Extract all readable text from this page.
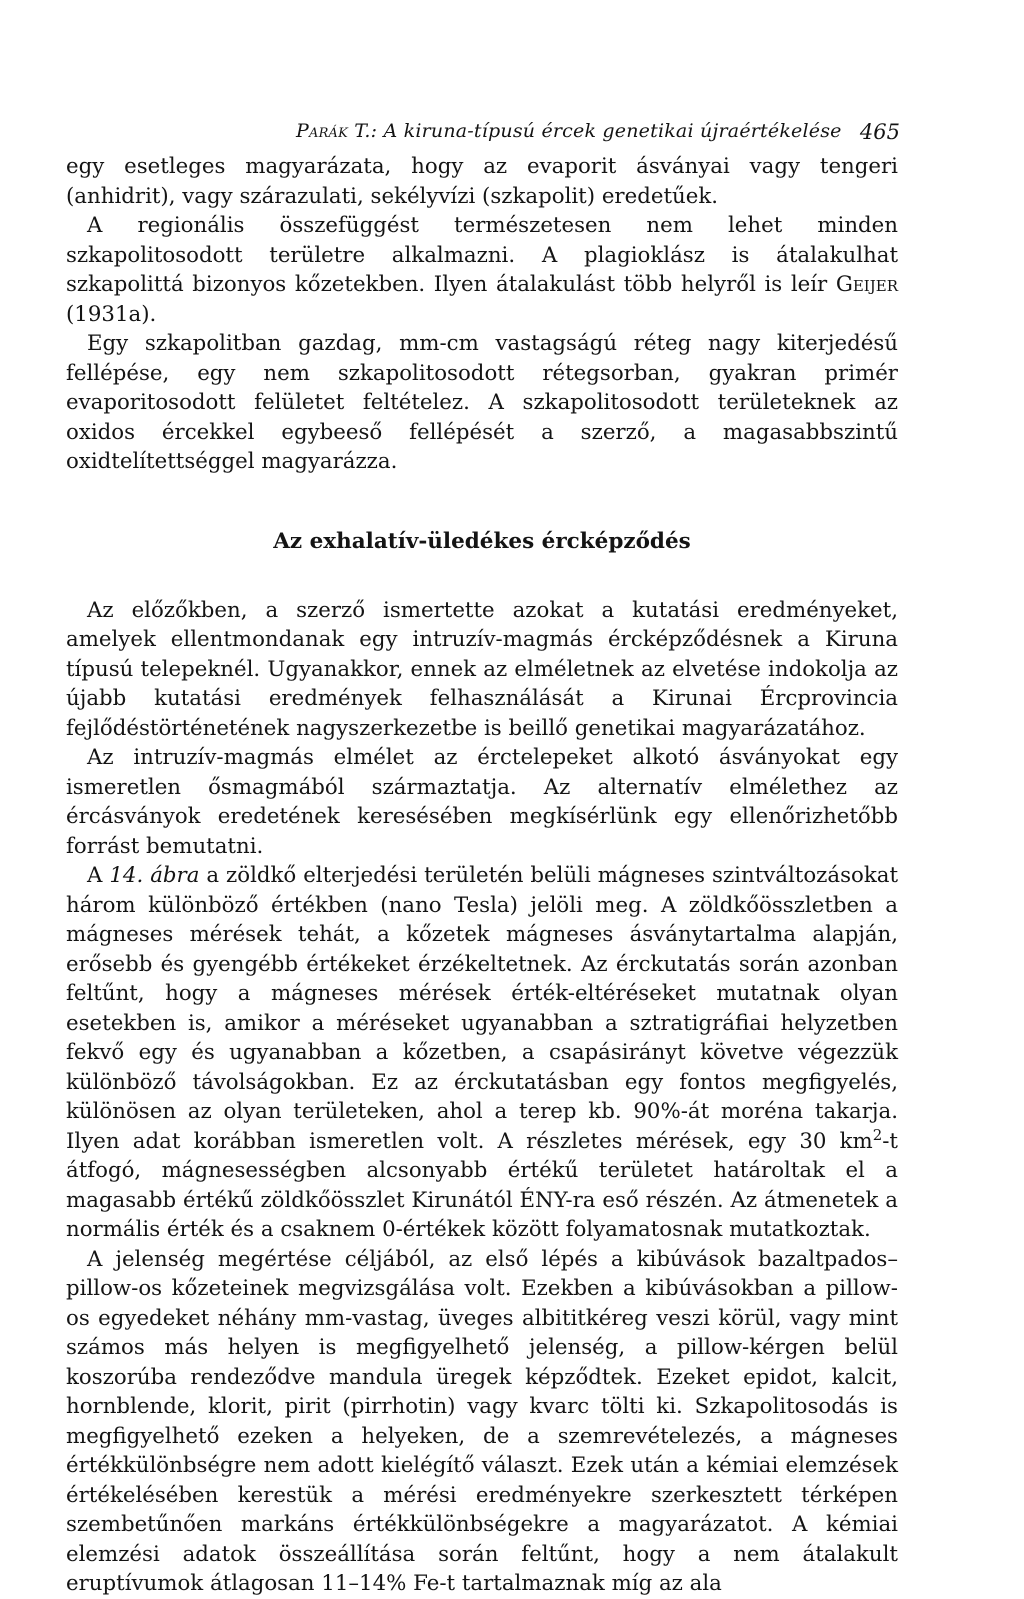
Parák T.: A kiruna-típusú ércek genetikai újraértékelése 465

egy esetleges magyarázata, hogy az evaporit ásványai vagy tengeri (anhidrit), vagy szárazulati, sekélyvízi (szkapolit) eredetűek.

A regionális összefüggést természetesen nem lehet minden szkapolitosodott területre alkalmazni. A plagioklász is átalakulhat szkapolittá bizonyos kőzetekben. Ilyen átalakulást több helyről is leír Geijer (1931a).

Egy szkapolitban gazdag, mm-cm vastagságú réteg nagy kiterjedésű fellépése, egy nem szkapolitosodott rétegsorban, gyakran primér evaporitosodott felületet feltételez. A szkapolitosodott területeknek az oxidos ércekkel egybeeső fellépését a szerző, a magasabbszintű oxidtelítettséggel magyarázza.

Az exhalatív-üledékes ércképződés

Az előzőkben, a szerző ismertette azokat a kutatási eredményeket, amelyek ellentmondanak egy intruzív-magmás ércképződésnek a Kiruna típusú telepeknél. Ugyanakkor, ennek az elméletnek az elvetése indokolja az újabb kutatási eredmények felhasználását a Kirunai Ércprovincia fejlődéstörténetének nagyszerkezetbe is beillő genetikai magyarázatához.

Az intruzív-magmás elmélet az érctelepeket alkotó ásványokat egy ismeretlen ősmagmából származtatja. Az alternatív elmélethez az ércásványok eredetének keresésében megkísérlünk egy ellenőrizhetőbb forrást bemutatni.

A 14. ábra a zöldkő elterjedési területén belüli mágneses szintváltozásokat három különböző értékben (nano Tesla) jelöli meg. A zöldkőösszletben a mágneses mérések tehát, a kőzetek mágneses ásványtartalma alapján, erősebb és gyengébb értékeket érzékeltetnek. Az érckutatás során azonban feltűnt, hogy a mágneses mérések érték-eltéréseket mutatnak olyan esetekben is, amikor a méréseket ugyanabban a sztratigráfiai helyzetben fekvő egy és ugyanabban a kőzetben, a csapásirányt követve végezzük különböző távolságokban. Ez az érckutatásban egy fontos megfigyelés, különösen az olyan területeken, ahol a terep kb. 90%-át moréna takarja. Ilyen adat korábban ismeretlen volt. A részletes mérések, egy 30 $km^2-t$ átfogó, mágnesességben alcsonyabb értékű területet határoltak el a magasabb értékű zöldkőösszlet Kirunától ÉNY-ra eső részén. Az átmenetek a normális érték és a csaknem 0-értékek között folyamatosnak mutatkoztak.

A jelenség megértése céljából, az első lépés a kibúvások bazaltpados–pillow-os kőzeteinek megvizsgálása volt. Ezekben a kibúvásokban a pillow-os egyedeket néhány mm-vastag, üveges albititkéreg veszi körül, vagy mint számos más helyen is megfigyelhető jelenség, a pillow-kérgen belül koszorúba rendeződve mandula üregek képződtek. Ezeket epidot, kalcit, hornblende, klorit, pirit (pirrhotin) vagy kvarc tölti ki. Szkapolitosodás is megfigyelhető ezeken a helyeken, de a szemrevételezés, a mágneses értékkülönbségre nem adott kielégítő választ. Ezek után a kémiai elemzések értékelésében kerestük a mérési eredményekre szerkesztett térképen szembetűnően markáns értékkülönbségekre a magyarázatot. A kémiai elemzési adatok összeállítása során feltűnt, hogy a nem átalakult eruptívumok átlagosan 11–14% Fe-t tartalmaznak míg az ala
